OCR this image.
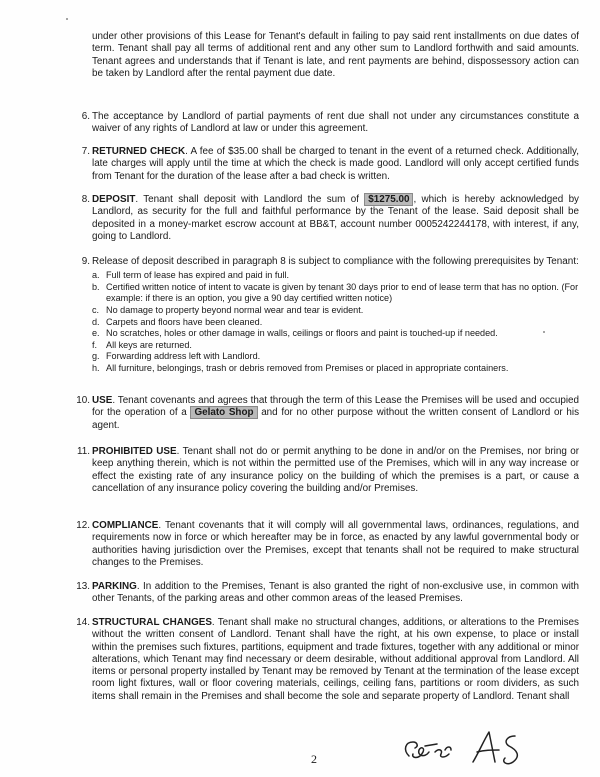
under other provisions of this Lease for Tenant's default in failing to pay said rent installments on due dates of term. Tenant shall pay all terms of additional rent and any other sum to Landlord forthwith and said amounts. Tenant agrees and understands that if Tenant is late, and rent payments are behind, dispossessory action can be taken by Landlord after the rental payment due date.

6. The acceptance by Landlord of partial payments of rent due shall not under any circumstances constitute a waiver of any rights of Landlord at law or under this agreement.

7. RETURNED CHECK. A fee of $35.00 shall be charged to tenant in the event of a returned check. Additionally, late charges will apply until the time at which the check is made good. Landlord will only accept certified funds from Tenant for the duration of the lease after a bad check is written.

8. DEPOSIT. Tenant shall deposit with Landlord the sum of $1275.00 , which is hereby acknowledged by Landlord, as security for the full and faithful performance by the Tenant of the lease. Said deposit shall be deposited in a money-market escrow account at BB&T, account number 0005242244178, with interest, if any, going to Landlord.

9. Release of deposit described in paragraph 8 is subject to compliance with the following prerequisites by Tenant:

a. Full term of lease has expired and paid in full.
b. Certified written notice of intent to vacate is given by tenant 30 days prior to end of lease term that has no option. (For example: if there is an option, you give a 90 day certified written notice)
c. No damage to property beyond normal wear and tear is evident.
d. Carpets and floors have been cleaned.
e. No scratches, holes or other damage in walls, ceilings or floors and paint is touched-up if needed.
f. All keys are returned.
g. Forwarding address left with Landlord.
h. All furniture, belongings, trash or debris removed from Premises or placed in appropriate containers.
10. USE. Tenant covenants and agrees that through the term of this Lease the Premises will be used and occupied for the operation of a Gelato Shop and for no other purpose without the written consent of Landlord or his agent.

11. PROHIBITED USE. Tenant shall not do or permit anything to be done in and/or on the Premises, nor bring or keep anything therein, which is not within the permitted use of the Premises, which will in any way increase or effect the existing rate of any insurance policy on the building of which the premises is a part, or cause a cancellation of any insurance policy covering the building and/or Premises.

12. COMPLIANCE. Tenant covenants that it will comply will all governmental laws, ordinances, regulations, and requirements now in force or which hereafter may be in force, as enacted by any lawful governmental body or authorities having jurisdiction over the Premises, except that tenants shall not be required to make structural changes to the Premises.

13. PARKING. In addition to the Premises, Tenant is also granted the right of non-exclusive use, in common with other Tenants, of the parking areas and other common areas of the leased Premises.

14. STRUCTURAL CHANGES. Tenant shall make no structural changes, additions, or alterations to the Premises without the written consent of Landlord. Tenant shall have the right, at his own expense, to place or install within the premises such fixtures, partitions, equipment and trade fixtures, together with any additional or minor alterations, which Tenant may find necessary or deem desirable, without additional approval from Landlord. All items or personal property installed by Tenant may be removed by Tenant at the termination of the lease except room light fixtures, wall or floor covering materials, ceilings, ceiling fans, partitions or room dividers, as such items shall remain in the Premises and shall become the sole and separate property of Landlord. Tenant shall

2
